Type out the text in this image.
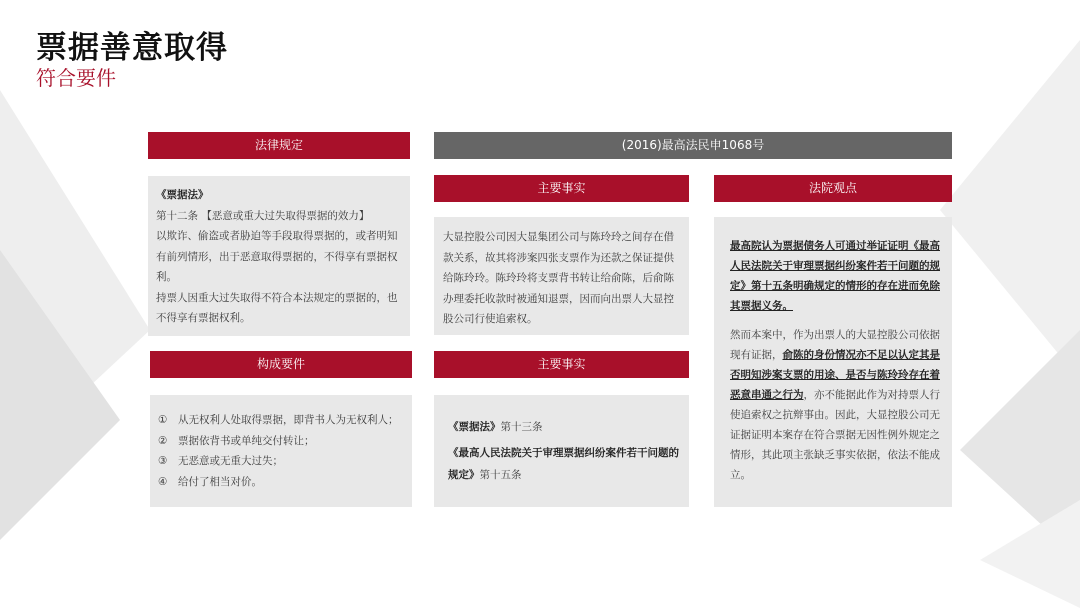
票据善意取得
符合要件
法律规定

《票据法》

第十二条 【恶意或重大过失取得票据的效力】

以欺诈、偷盗或者胁迫等手段取得票据的，或者明知有前列情形，出于恶意取得票据的，不得享有票据权利。

持票人因重大过失取得不符合本法规定的票据的，也不得享有票据权利。

构成要件
①	从无权利人处取得票据，即背书人为无权利人；
②	票据依背书或单纯交付转让；
③	无恶意或无重大过失；
④	给付了相当对价。
(2016)最高法民申1068号
主要事实

大显控股公司因大显集团公司与陈玲玲之间存在借款关系，故其将涉案四张支票作为还款之保证提供给陈玲玲。陈玲玲将支票背书转让给俞陈，后俞陈办理委托收款时被通知退票，因而向出票人大显控股公司行使追索权。

主要事实

《票据法》第十三条

《最高人民法院关于审理票据纠纷案件若干问题的规定》第十五条

法院观点

最高院认为票据债务人可通过举证证明《最高人民法院关于审理票据纠纷案件若干问题的规定》第十五条明确规定的情形的存在进而免除其票据义务。

然而本案中，作为出票人的大显控股公司依据现有证据，俞陈的身份情况亦不足以认定其是否明知涉案支票的用途、是否与陈玲玲存在着恶意串通之行为，亦不能据此作为对持票人行使追索权之抗辩事由。因此，大显控股公司无证据证明本案存在符合票据无因性例外规定之情形，其此项主张缺乏事实依据，依法不能成立。
